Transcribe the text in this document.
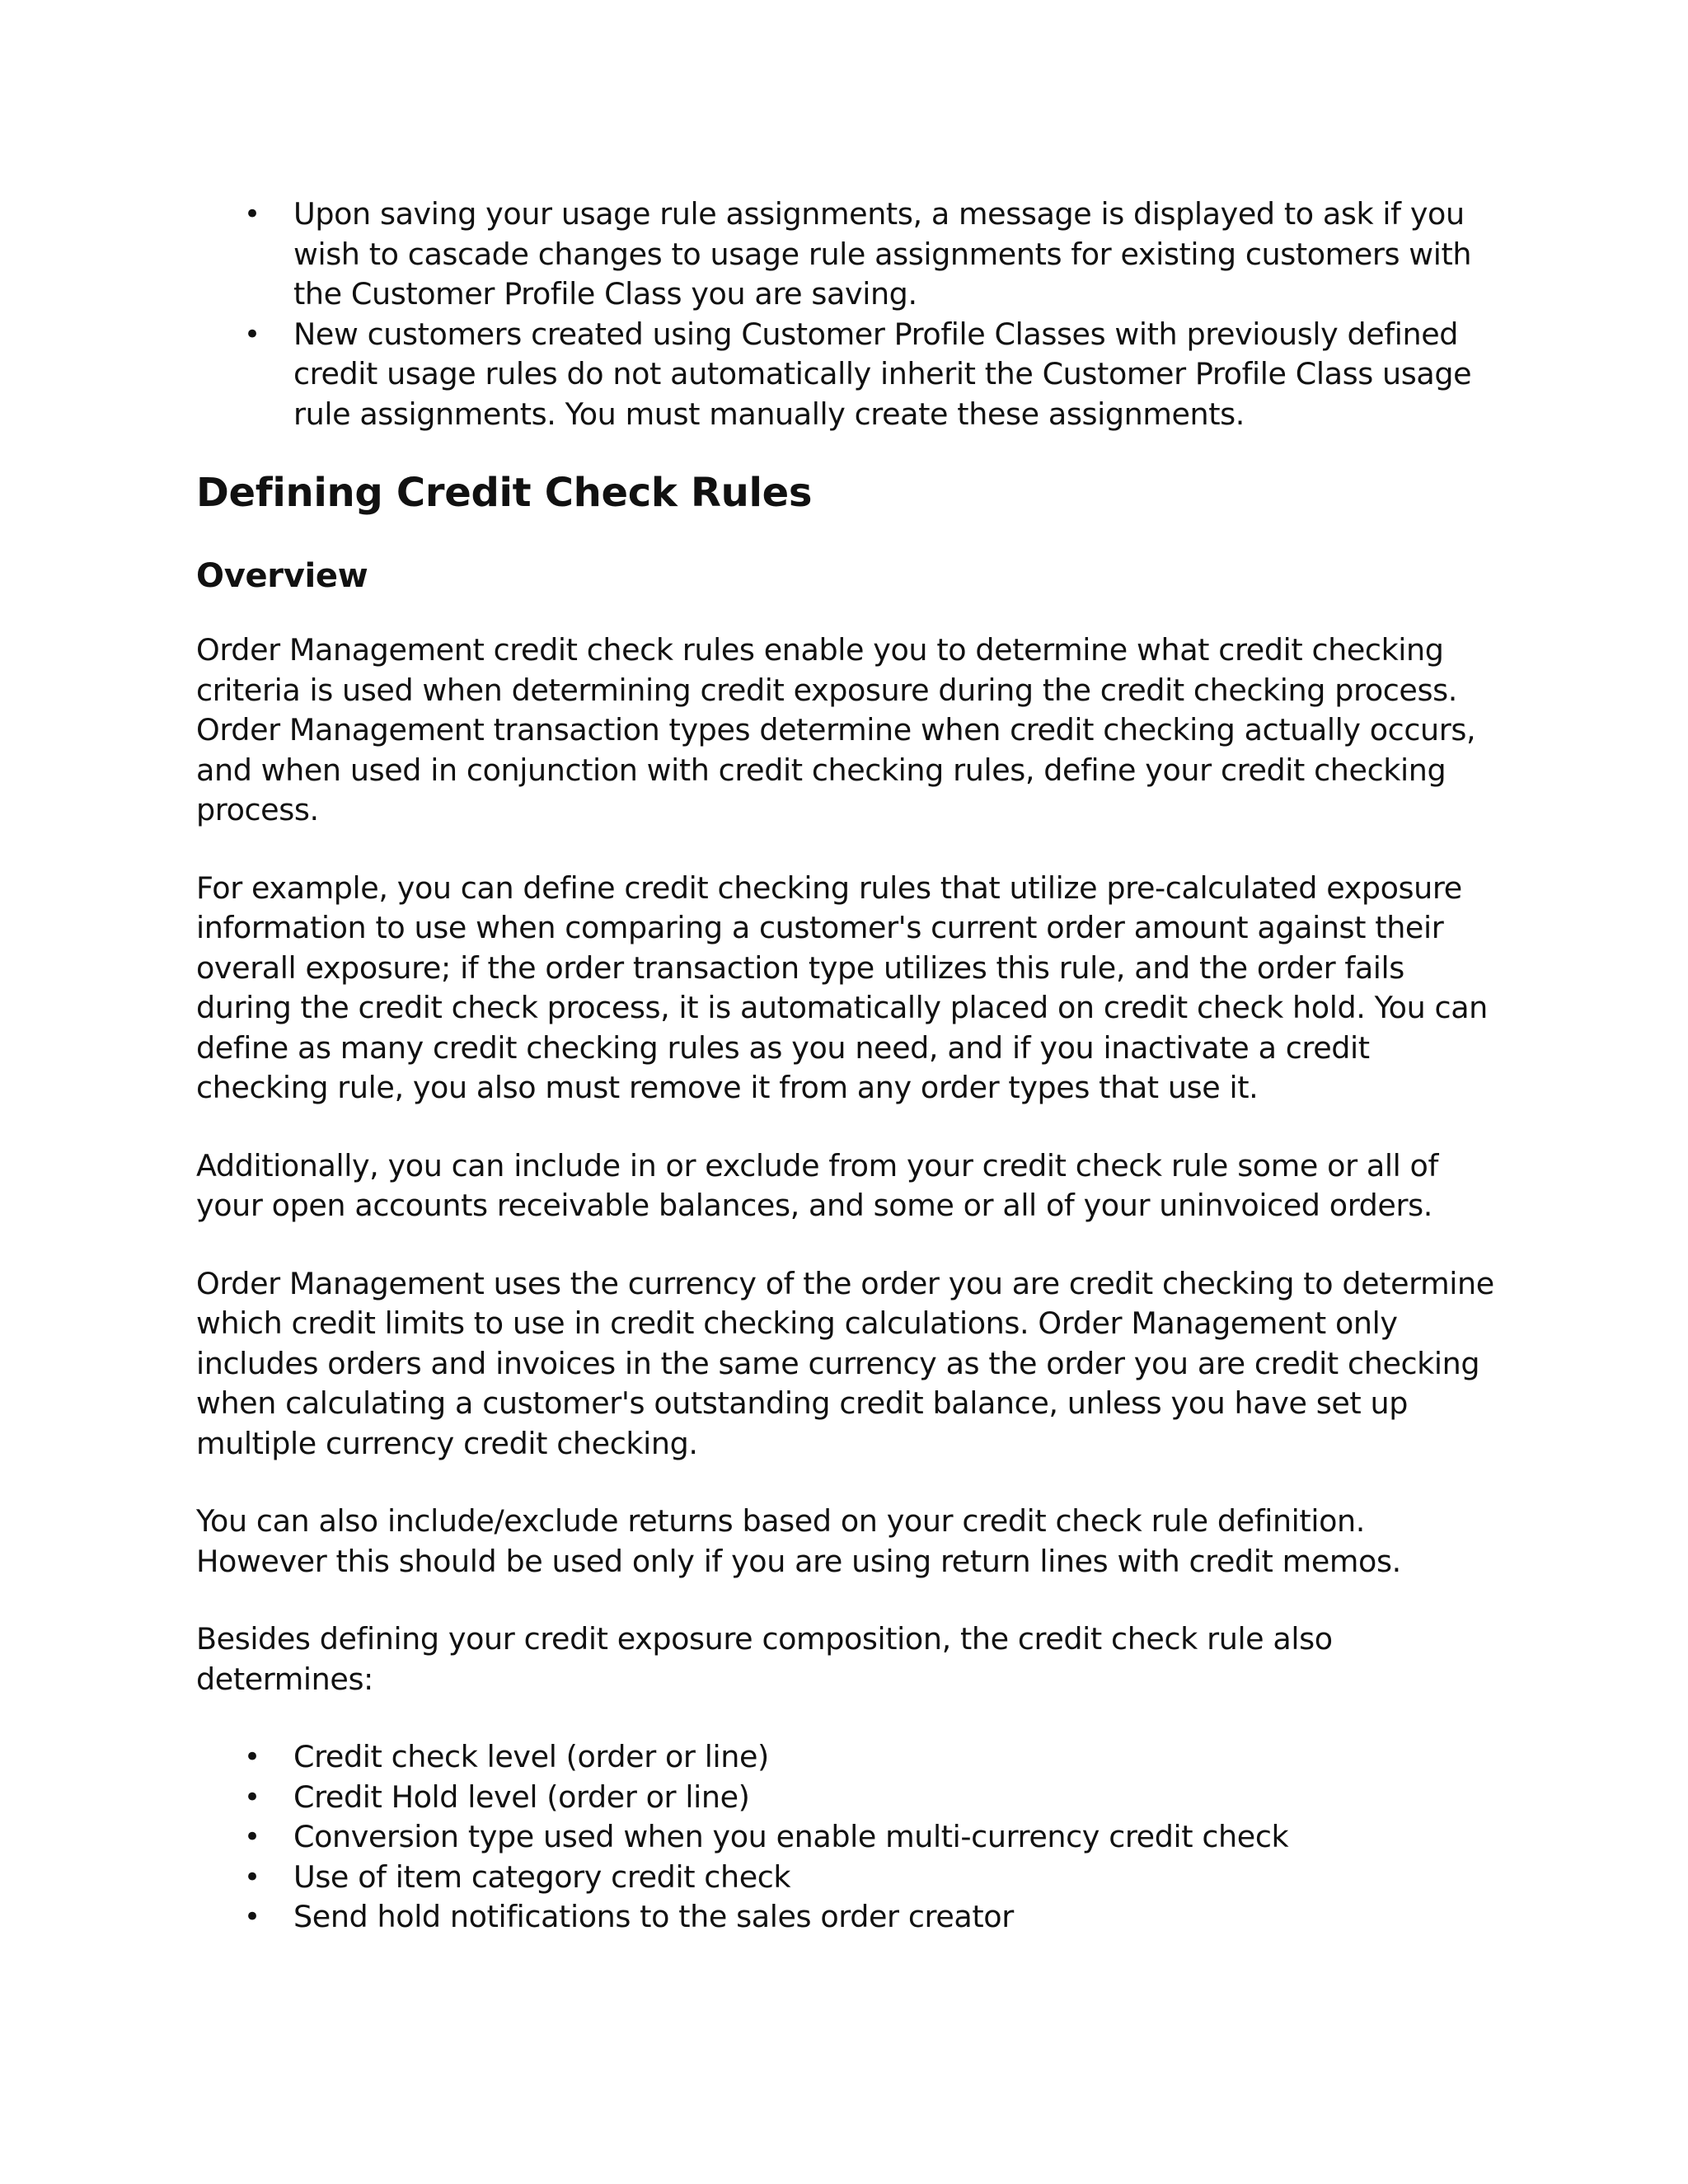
• Upon saving your usage rule assignments, a message is displayed to ask if you wish to cascade changes to usage rule assignments for existing customers with the Customer Profile Class you are saving.
• New customers created using Customer Profile Classes with previously defined credit usage rules do not automatically inherit the Customer Profile Class usage rule assignments. You must manually create these assignments.
Defining Credit Check Rules
Overview

Order Management credit check rules enable you to determine what credit checking criteria is used when determining credit exposure during the credit checking process. Order Management transaction types determine when credit checking actually occurs, and when used in conjunction with credit checking rules, define your credit checking process.

For example, you can define credit checking rules that utilize pre-calculated exposure information to use when comparing a customer's current order amount against their overall exposure; if the order transaction type utilizes this rule, and the order fails during the credit check process, it is automatically placed on credit check hold. You can define as many credit checking rules as you need, and if you inactivate a credit checking rule, you also must remove it from any order types that use it.

Additionally, you can include in or exclude from your credit check rule some or all of your open accounts receivable balances, and some or all of your uninvoiced orders.

Order Management uses the currency of the order you are credit checking to determine which credit limits to use in credit checking calculations. Order Management only includes orders and invoices in the same currency as the order you are credit checking when calculating a customer's outstanding credit balance, unless you have set up multiple currency credit checking.

You can also include/exclude returns based on your credit check rule definition. However this should be used only if you are using return lines with credit memos.

Besides defining your credit exposure composition, the credit check rule also determines:

• Credit check level (order or line)
• Credit Hold level (order or line)
• Conversion type used when you enable multi-currency credit check
• Use of item category credit check
• Send hold notifications to the sales order creator
